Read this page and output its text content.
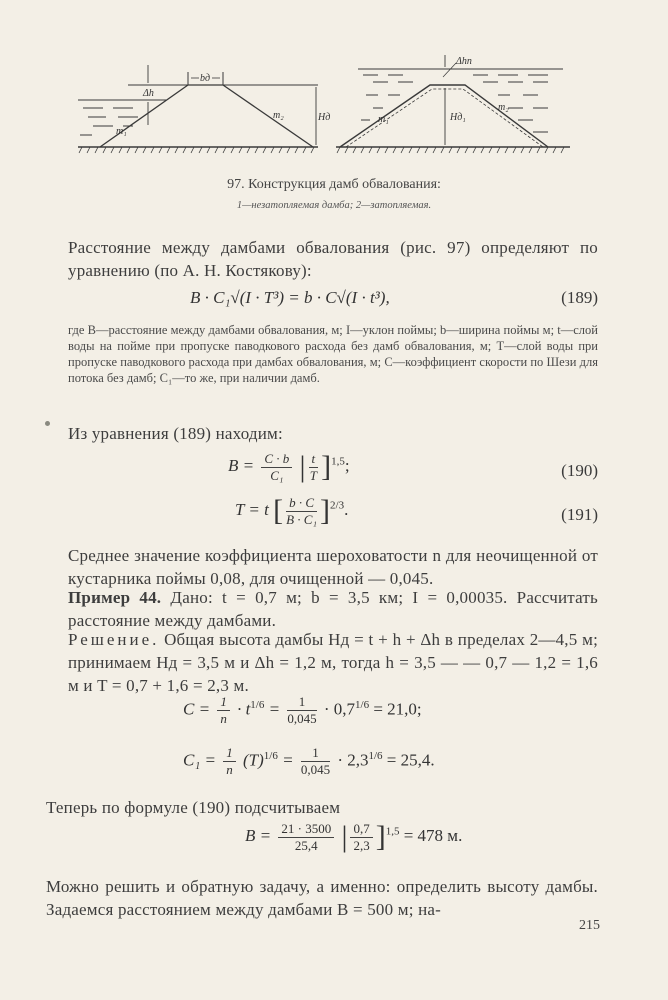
bд
Δh
Hд
m₁
m₂
Δhп
Hд₁
m₁
m₂
97. Конструкция дамб обвалования:
1—незатопляемая дамба; 2—затопляемая.
Расстояние между дамбами обвалования (рис. 97) определяют по уравнению (по А. Н. Костякову):
B · C₁√(I · T³) = b · C√(I · t³),	(189)
где B—расстояние между дамбами обвалования, м; I—уклон поймы; b—ширина поймы м; t—слой воды на пойме при пропуске паводкового расхода без дамб обвалования, м; T—слой воды при пропуске паводкового расхода при дамбах обвалования, м; C—коэффициент скорости по Шези для потока без дамб; C₁—то же, при наличии дамб.
Из уравнения (189) находим:
$B = \frac{C \cdot b}{\text{C₁}}$ | $\frac{t}{T} ]^{1,5}$;	(190)
T = t [ $\frac{b \cdot C}{\text{B · C₁}} ]^{2/3}$.	(191)
Среднее значение коэффициента шероховатости n для неочищенной от кустарника поймы 0,08, для очищенной — 0,045.
Пример 44. Дано: t = 0,7 м; b = 3,5 км; I = 0,00035. Рассчитать расстояние между дамбами.
Решение. Общая высота дамбы Hд = t + h + Δh в пределах 2—4,5 м; принимаем Hд = 3,5 м и Δh = 1,2 м, тогда h = 3,5 — — 0,7 — 1,2 = 1,6 м и T = 0,7 + 1,6 = 2,3 м.
$C = \frac{1}{n} \cdot t^{1/6} = \frac{1}{0,045} \cdot 0,7^{1/6} = 21,0$;
$C_1 = \frac{1}{n} (T)^{1/6} = \frac{1}{0,045} \cdot 2,3^{1/6} = 25,4$.
Теперь по формуле (190) подсчитываем
$B = \frac{21 \cdot 3500}{25,4}$ | $\frac{0,7}{2,3} ]^{1,5} = 478$ м.
Можно решить и обратную задачу, а именно: определить высоту дамбы. Задаемся расстоянием между дамбами B = 500 м; на-
215
